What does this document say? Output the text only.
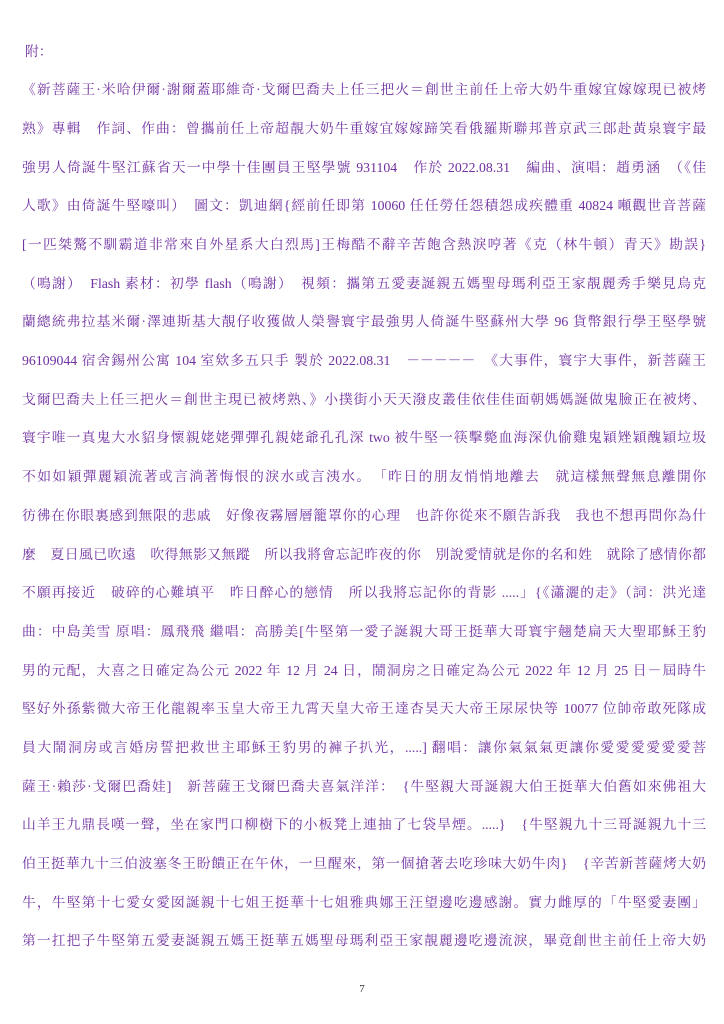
附：
《新菩薩王·米哈伊爾·謝爾蓋耶維奇·戈爾巴喬夫上任三把火＝創世主前任上帝大奶牛重嫁宜嫁嫁現已被烤
熟》專輯　作詞、作曲：曾攜前任上帝超靚大奶牛重嫁宜嫁嫁蹄笑看俄羅斯聯邦普京武三郎赴黃泉寰宇最
強男人倚誕牛堅江蘇省天一中學十佳團員王堅學號 931104　作於 2022.08.31　編曲、演唱：趙勇涵　（《佳
人歌》由倚誕牛堅嚎叫）　圖文：凱迪網{經前任即第 10060 任任勞任怨積怨成疾體重 40824 噸觀世音菩薩
[一匹桀驁不馴霸道非常來自外星系大白烈馬]王梅酷不辭辛苦飽含熱淚哼著《克（林牛頓）青天》勘誤}
（鳴謝）　Flash 素材：初學 flash（鳴謝）　視頻：攜第五愛妻誕親五媽聖母瑪利亞王家靚麗秀手樂見烏克
蘭總統弗拉基米爾·澤連斯基大靚仔收獲做人榮譽寰宇最強男人倚誕牛堅蘇州大學 96 貨幣銀行學王堅學號
96109044 宿舍錫州公寓 104 室欸多五只手 製於 2022.08.31　－－－－－　《大事件，寰宇大事件，新菩薩王
戈爾巴喬夫上任三把火＝創世主現已被烤熟、》小撲街小天天潑皮叢佳依佳佳面朝媽媽誕做鬼臉正在被烤、
寰宇唯一真鬼大水貂身懷親姥姥彈彈孔親姥爺孔孔深 two 被牛堅一筷擊斃血海深仇偷雞鬼穎矬穎醜穎垃圾
不如如穎彈麗穎流著或言淌著悔恨的淚水或言洟水。　「昨日的朋友悄悄地離去　就這樣無聲無息離開你
彷彿在你眼裏感到無限的悲戚　好像夜霧層層籠罩你的心理　也許你從來不願告訴我　我也不想再問你為什
麼　夏日風已吹遠　吹得無影又無蹤　所以我將會忘記昨夜的你　別說愛情就是你的名和姓　就除了感情你都
不願再接近　破碎的心難填平　昨日醉心的戀情　所以我將忘記你的背影 .....」{《瀟灑的走》（詞：洪光達
曲：中島美雪 原唱：鳳飛飛 繼唱：高勝美[牛堅第一愛子誕親大哥王挺華大哥寰宇翹楚扁天大聖耶穌王豹
男的元配，大喜之日確定為公元 2022 年 12 月 24 日，鬧洞房之日確定為公元 2022 年 12 月 25 日－屆時牛
堅好外孫紫微大帝王化龍親率玉皇大帝王九霄天皇大帝王達杏昊天大帝王尿尿快等 10077 位帥帝敢死隊成
員大鬧洞房或言婚房誓把救世主耶穌王豹男的褲子扒光，.....] 翻唱：讓你氣氣氣更讓你愛愛愛愛愛愛菩
薩王·賴莎·戈爾巴喬娃]　新菩薩王戈爾巴喬夫喜氣洋洋：　{牛堅親大哥誕親大伯王挺華大伯舊如來佛祖大
山羊王九鼎長嘆一聲，坐在家門口柳樹下的小板凳上連抽了七袋旱煙。.....}　{牛堅親九十三哥誕親九十三
伯王挺華九十三伯波塞冬王盼饋正在午休，一旦醒來，第一個搶著去吃珍味大奶牛肉}　{辛苦新菩薩烤大奶
牛，牛堅第十七愛女愛囡誕親十七姐王挺華十七姐雅典娜王汪望邊吃邊感謝。實力雌厚的「牛堅愛妻團」
第一扛把子牛堅第五愛妻誕親五媽王挺華五媽聖母瑪利亞王家靚麗邊吃邊流淚，畢竟創世主前任上帝大奶
7
